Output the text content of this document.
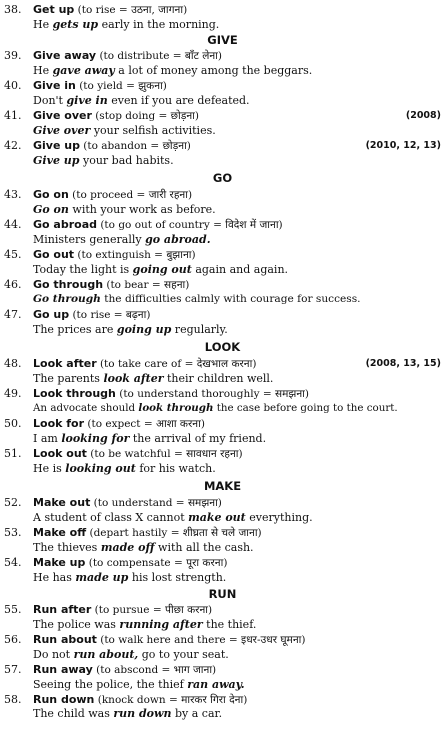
38. Get up (to rise = उठना, जागना)
He gets up early in the morning.
GIVE
39. Give away (to distribute = बाँट लेना)
He gave away a lot of money among the beggars.
40. Give in (to yield = झुकना)
Don't give in even if you are defeated.
41. Give over (stop doing = छोड़ना)	(2008)
Give over your selfish activities.
42. Give up (to abandon = छोड़ना)	(2010, 12, 13)
Give up your bad habits.
GO
43. Go on (to proceed = जारी रहना)
Go on with your work as before.
44. Go abroad (to go out of country = विदेश में जाना)
Ministers generally go abroad.
45. Go out (to extinguish = बुझाना)
Today the light is going out again and again.
46. Go through (to bear = सहना)
Go through the difficulties calmly with courage for success.
47. Go up (to rise = बढ़ना)
The prices are going up regularly.
LOOK
48. Look after (to take care of = देखभाल करना)	(2008, 13, 15)
The parents look after their children well.
49. Look through (to understand thoroughly = समझना)
An advocate should look through the case before going to the court.
50. Look for (to expect = आशा करना)
I am looking for the arrival of my friend.
51. Look out (to be watchful = सावधान रहना)
He is looking out for his watch.
MAKE
52. Make out (to understand = समझना)
A student of class X cannot make out everything.
53. Make off (depart hastily = शीघ्रता से चले जाना)
The thieves made off with all the cash.
54. Make up (to compensate = पूरा करना)
He has made up his lost strength.
RUN
55. Run after (to pursue = पीछा करना)
The police was running after the thief.
56. Run about (to walk here and there = इधर-उधर घूमना)
Do not run about, go to your seat.
57. Run away (to abscond = भाग जाना)
Seeing the police, the thief ran away.
58. Run down (knock down = मारकर गिरा देना)
The child was run down by a car.
